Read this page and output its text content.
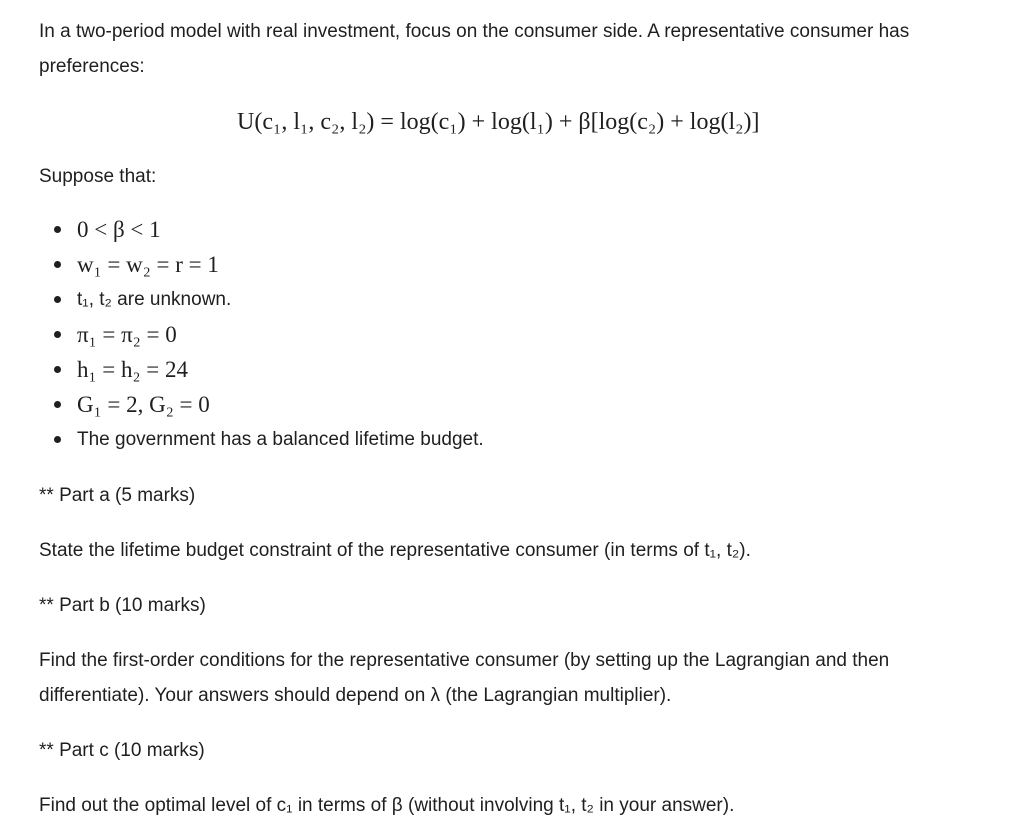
In a two-period model with real investment, focus on the consumer side. A representative consumer has

preferences:

U(c₁, l₁, c₂, l₂) = log(c₁) + log(l₁) + β[log(c₂) + log(l₂)]

Suppose that:

0 < β < 1
w₁ = w₂ = r = 1
t₁, t₂ are unknown.
π₁ = π₂ = 0
h₁ = h₂ = 24
G₁ = 2, G₂ = 0
The government has a balanced lifetime budget.

** Part a (5 marks)

State the lifetime budget constraint of the representative consumer (in terms of t₁, t₂).

** Part b (10 marks)

Find the first-order conditions for the representative consumer (by setting up the Lagrangian and then

differentiate). Your answers should depend on λ (the Lagrangian multiplier).

** Part c (10 marks)

Find out the optimal level of c₁ in terms of β (without involving t₁, t₂ in your answer).
